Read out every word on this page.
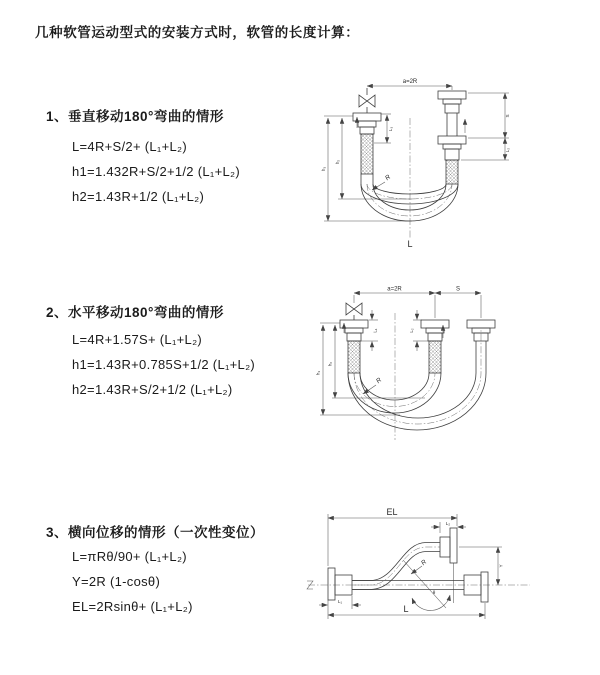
几种软管运动型式的安装方式时，软管的长度计算：
1、垂直移动180°弯曲的情形
L=4R+S/2+ (L₁+L₂)
h1=1.432R+S/2+1/2 (L₁+L₂)
h2=1.43R+1/2 (L₁+L₂)
2、水平移动180°弯曲的情形
L=4R+1.57S+ (L₁+L₂)
h1=1.43R+0.785S+1/2 (L₁+L₂)
h2=1.43R+S/2+1/2 (L₁+L₂)
3、横向位移的情形（一次性变位）
L=πRθ/90+ (L₁+L₂)
Y=2R (1-cosθ)
EL=2Rsinθ+ (L₁+L₂)
a=2R
L₁
h₁
h₂
S
L₂
R
L
a=2R	S
h₁
h₂
L₁	L₂
R
EL
L₂
Y
L
L₁
θ
R
